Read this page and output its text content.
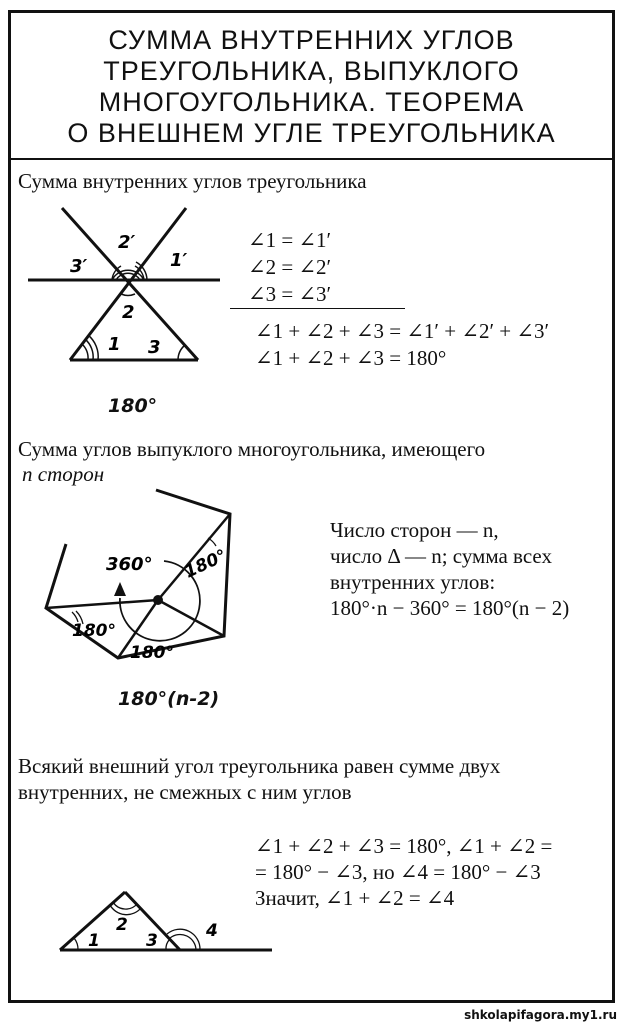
СУММА ВНУТРЕННИХ УГЛОВ
ТРЕУГОЛЬНИКА, ВЫПУКЛОГО
МНОГОУГОЛЬНИКА. ТЕОРЕМА
О ВНЕШНЕМ УГЛЕ ТРЕУГОЛЬНИКА
Сумма внутренних углов треугольника
2′
1′
3′
2
1 3
180°
∠1 = ∠1′
∠2 = ∠2′
∠3 = ∠3′
∠1 + ∠2 + ∠3 = ∠1′ + ∠2′ + ∠3′
∠1 + ∠2 + ∠3 = 180°
Сумма углов выпуклого многоугольника, имеющего
n сторон
360° 180°
180°
180°
180°(n-2)
Число сторон — n,
число Δ — n; сумма всех
внутренних углов:
180°·n − 360° = 180°(n − 2)
Всякий внешний угол треугольника равен сумме двух
внутренних, не смежных с ним углов
∠1 + ∠2 + ∠3 = 180°, ∠1 + ∠2 =
= 180° − ∠3, но ∠4 = 180° − ∠3
Значит, ∠1 + ∠2 = ∠4
1
2
3	4
shkolapifagora.my1.ru
